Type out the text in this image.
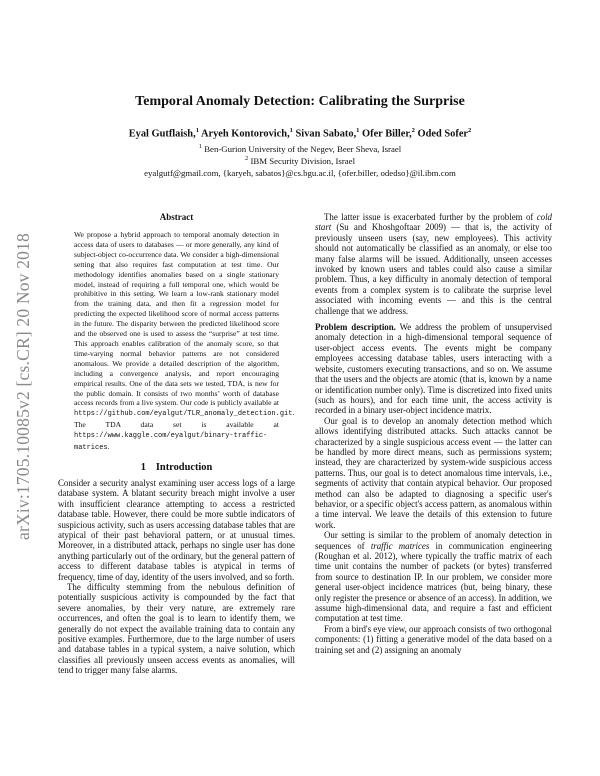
arXiv:1705.10085v2 [cs.CR] 20 Nov 2018
Temporal Anomaly Detection: Calibrating the Surprise

Eyal Gutflaish,$^1$ Aryeh Kontorovich,$^1$ Sivan Sabato,$^1$ Ofer Biller,$^2$ Oded Sofer$^2$

$^1$ Ben-Gurion University of the Negev, Beer Sheva, Israel

$^2$ IBM Security Division, Israel

eyalgutf@gmail.com, {karyeh, sabatos}@cs.bgu.ac.il, {ofer.biller, odedso}@il.ibm.com

Abstract

We propose a hybrid approach to temporal anomaly detection in access data of users to databases — or more generally, any kind of subject-object co-occurrence data. We consider a high-dimensional setting that also requires fast computation at test time. Our methodology identifies anomalies based on a single stationary model, instead of requiring a full temporal one, which would be prohibitive in this setting. We learn a low-rank stationary model from the training data, and then fit a regression model for predicting the expected likelihood score of normal access patterns in the future. The disparity between the predicted likelihood score and the observed one is used to assess the “surprise” at test time. This approach enables calibration of the anomaly score, so that time-varying normal behavior patterns are not considered anomalous. We provide a detailed description of the algorithm, including a convergence analysis, and report encouraging empirical results. One of the data sets we tested, TDA, is new for the public domain. It consists of two months’ worth of database access records from a live system. Our code is publicly available at https://github.com/eyalgut/TLR_anomaly_detection.git. The TDA data set is available at https://www.kaggle.com/eyalgut/binary-traffic-matrices.

1 Introduction

Consider a security analyst examining user access logs of a large database system. A blatant security breach might involve a user with insufficient clearance attempting to access a restricted database table. However, there could be more subtle indicators of suspicious activity, such as users accessing database tables that are atypical of their past behavioral pattern, or at unusual times. Moreover, in a distributed attack, perhaps no single user has done anything particularly out of the ordinary, but the general pattern of access to different database tables is atypical in terms of frequency, time of day, identity of the users involved, and so forth.

The difficulty stemming from the nebulous definition of potentially suspicious activity is compounded by the fact that severe anomalies, by their very nature, are extremely rare occurrences, and often the goal is to learn to identify them, we generally do not expect the available training data to contain any positive examples. Furthermore, due to the large number of users and database tables in a typical system, a naive solution, which classifies all previously unseen access events as anomalies, will tend to trigger many false alarms.

The latter issue is exacerbated further by the problem of cold start (Su and Khoshgoftaar 2009) — that is, the activity of previously unseen users (say, new employees). This activity should not automatically be classified as an anomaly, or else too many false alarms will be issued. Additionally, unseen accesses invoked by known users and tables could also cause a similar problem. Thus, a key difficulty in anomaly detection of temporal events from a complex system is to calibrate the surprise level associated with incoming events — and this is the central challenge that we address.

Problem description. We address the problem of unsupervised anomaly detection in a high-dimensional temporal sequence of user-object access events. The events might be company employees accessing database tables, users interacting with a website, customers executing transactions, and so on. We assume that the users and the objects are atomic (that is, known by a name or identification number only). Time is discretized into fixed units (such as hours), and for each time unit, the access activity is recorded in a binary user-object incidence matrix.

Our goal is to develop an anomaly detection method which allows identifying distributed attacks. Such attacks cannot be characterized by a single suspicious access event — the latter can be handled by more direct means, such as permissions system; instead, they are characterized by system-wide suspicious access patterns. Thus, our goal is to detect anomalous time intervals, i.e., segments of activity that contain atypical behavior. Our proposed method can also be adapted to diagnosing a specific user's behavior, or a specific object's access pattern, as anomalous within a time interval. We leave the details of this extension to future work.

Our setting is similar to the problem of anomaly detection in sequences of traffic matrices in communication engineering (Roughan et al. 2012), where typically the traffic matrix of each time unit contains the number of packets (or bytes) transferred from source to destination IP. In our problem, we consider more general user-object incidence matrices (but, being binary, these only register the presence or absence of an access). In addition, we assume high-dimensional data, and require a fast and efficient computation at test time.

From a bird's eye view, our approach consists of two orthogonal components: (1) fitting a generative model of the data based on a training set and (2) assigning an anomaly
